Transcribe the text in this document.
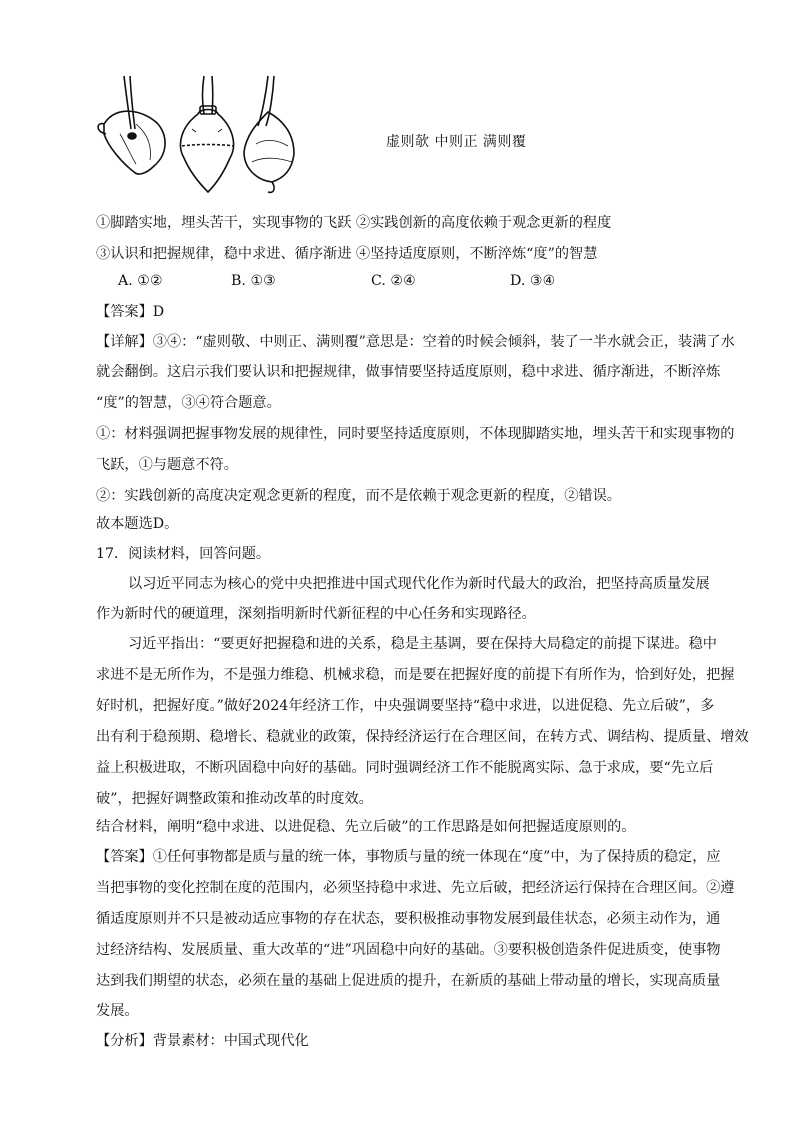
虚则欹 中则正 满则覆
①脚踏实地，埋头苦干，实现事物的飞跃 ②实践创新的高度依赖于观念更新的程度
③认识和把握规律，稳中求进、循序渐进 ④坚持适度原则，不断淬炼“度”的智慧
A. ①②	B. ①③	C. ②④	D. ③④
【答案】D
【详解】③④：“虚则敬、中则正、满则覆”意思是：空着的时候会倾斜，装了一半水就会正，装满了水
就会翻倒。这启示我们要认识和把握规律，做事情要坚持适度原则，稳中求进、循序渐进，不断淬炼
“度”的智慧，③④符合题意。
①：材料强调把握事物发展的规律性，同时要坚持适度原则，不体现脚踏实地，埋头苦干和实现事物的
飞跃，①与题意不符。
②：实践创新的高度决定观念更新的程度，而不是依赖于观念更新的程度，②错误。
故本题选D。
17．阅读材料，回答问题。
以习近平同志为核心的党中央把推进中国式现代化作为新时代最大的政治，把坚持高质量发展
作为新时代的硬道理，深刻指明新时代新征程的中心任务和实现路径。
习近平指出：“要更好把握稳和进的关系，稳是主基调，要在保持大局稳定的前提下谋进。稳中
求进不是无所作为，不是强力维稳、机械求稳，而是要在把握好度的前提下有所作为，恰到好处，把握
好时机，把握好度。”做好2024年经济工作，中央强调要坚持“稳中求进，以进促稳、先立后破”，多
出有利于稳预期、稳增长、稳就业的政策，保持经济运行在合理区间，在转方式、调结构、提质量、增效
益上积极进取，不断巩固稳中向好的基础。同时强调经济工作不能脱离实际、急于求成，要“先立后
破”，把握好调整政策和推动改革的时度效。
结合材料，阐明“稳中求进、以进促稳、先立后破”的工作思路是如何把握适度原则的。
【答案】①任何事物都是质与量的统一体，事物质与量的统一体现在“度”中，为了保持质的稳定，应
当把事物的变化控制在度的范围内，必须坚持稳中求进、先立后破，把经济运行保持在合理区间。②遵
循适度原则并不只是被动适应事物的存在状态，要积极推动事物发展到最佳状态，必须主动作为，通
过经济结构、发展质量、重大改革的“进”巩固稳中向好的基础。③要积极创造条件促进质变，使事物
达到我们期望的状态，必须在量的基础上促进质的提升，在新质的基础上带动量的增长，实现高质量
发展。
【分析】背景素材：中国式现代化
